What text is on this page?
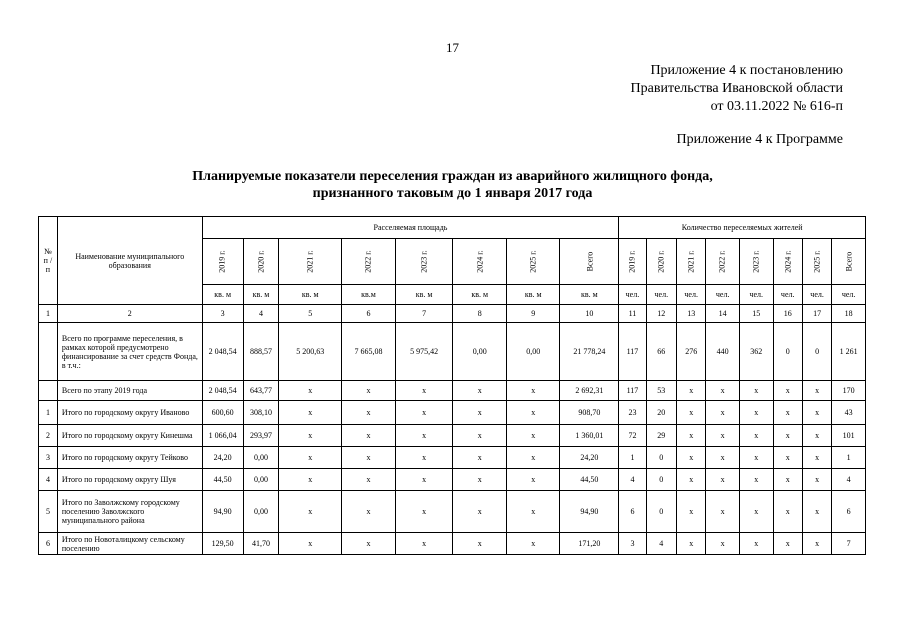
17
Приложение 4 к постановлению
Правительства Ивановской области
от 03.11.2022 № 616-п
Приложение 4 к Программе
Планируемые показатели переселения граждан из аварийного жилищного фонда,
признанного таковым до 1 января 2017 года
№ п / п	Наименование муниципального образования	Расселяемая площадь								Количество переселяемых жителей							
		2019 г.	2020 г.	2021 г.	2022 г.	2023 г.	2024 г.	2025 г.	Всего	2019 г.	2020 г.	2021 г.	2022 г.	2023 г.	2024 г.	2025 г.	Всего
		кв. м	кв. м	кв. м	кв.м	кв. м	кв. м	кв. м	кв. м	чел.	чел.	чел.	чел.	чел.	чел.	чел.	чел.
1	2	3	4	5	6	7	8	9	10	11	12	13	14	15	16	17	18
	Всего по программе переселения, в рамках которой предусмотрено финансирование за счет средств Фонда, в т.ч.:	2 048,54	888,57	5 200,63	7 665,08	5 975,42	0,00	0,00	21 778,24	117	66	276	440	362	0	0	1 261
	Всего по этапу 2019 года	2 048,54	643,77	x	x	x	x	x	2 692,31	117	53	x	x	x	x	x	170
1	Итого по городскому округу Иваново	600,60	308,10	x	x	x	x	x	908,70	23	20	x	x	x	x	x	43
2	Итого по городскому округу Кинешма	1 066,04	293,97	x	x	x	x	x	1 360,01	72	29	x	x	x	x	x	101
3	Итого по городскому округу Тейково	24,20	0,00	x	x	x	x	x	24,20	1	0	x	x	x	x	x	1
4	Итого по городскому округу Шуя	44,50	0,00	x	x	x	x	x	44,50	4	0	x	x	x	x	x	4
5	Итого по Заволжскому городскому поселению Заволжского муниципального района	94,90	0,00	x	x	x	x	x	94,90	6	0	x	x	x	x	x	6
6	Итого по Новоталицкому сельскому поселению	129,50	41,70	x	x	x	x	x	171,20	3	4	x	x	x	x	x	7
